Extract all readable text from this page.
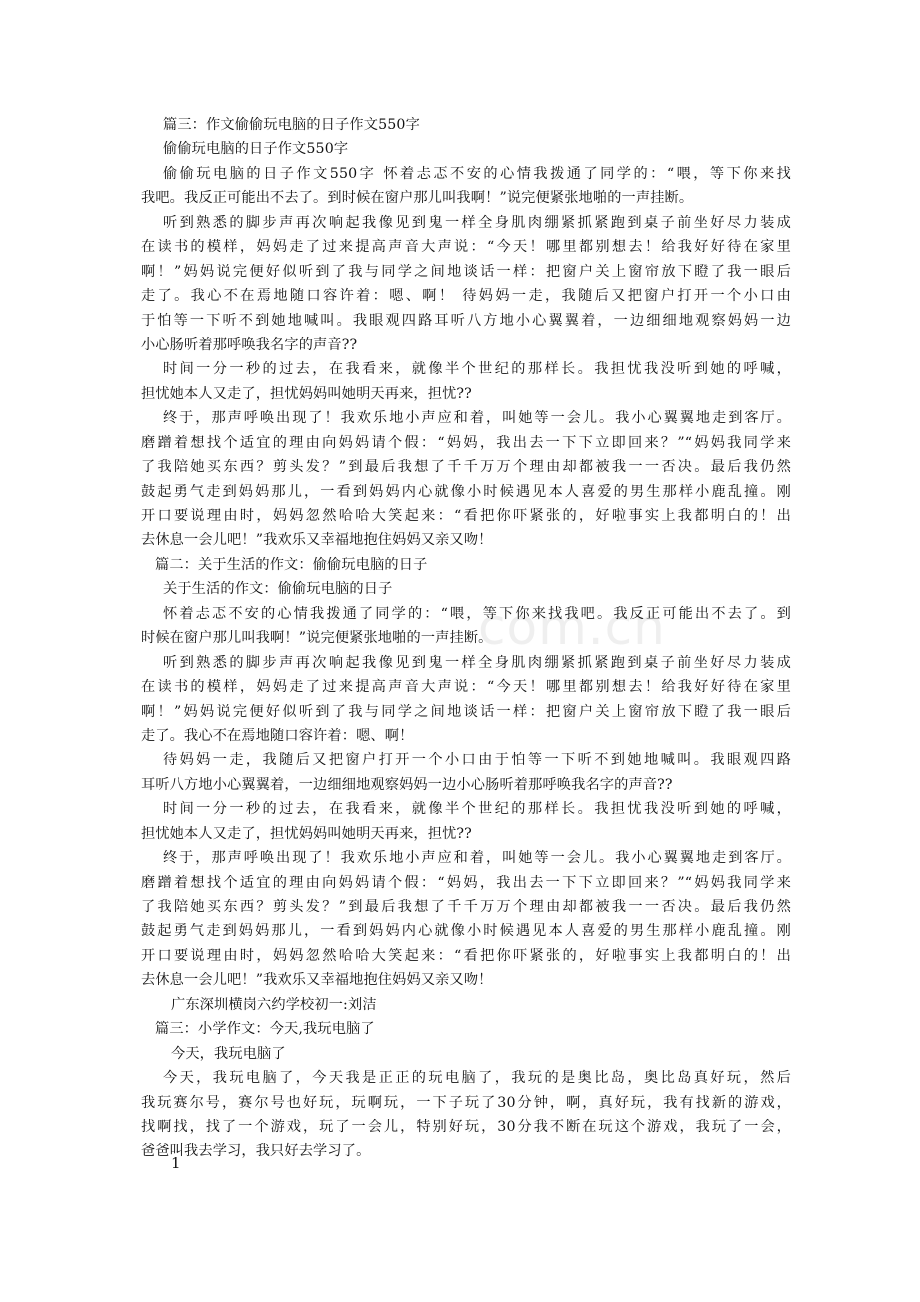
com.cn
篇三：作文偷偷玩电脑的日子作文550字
偷偷玩电脑的日子作文550字
偷偷玩电脑的日子作文550字 怀着忐忑不安的心情我拨通了同学的：“喂，等下你来找
我吧。我反正可能出不去了。到时候在窗户那儿叫我啊！”说完便紧张地啪的一声挂断。
听到熟悉的脚步声再次响起我像见到鬼一样全身肌肉绷紧抓紧跑到桌子前坐好尽力装成
在读书的模样，妈妈走了过来提高声音大声说：“今天！哪里都别想去！给我好好待在家里
啊！”妈妈说完便好似听到了我与同学之间地谈话一样：把窗户关上窗帘放下瞪了我一眼后
走了。我心不在焉地随口容许着：嗯、啊！ 待妈妈一走，我随后又把窗户打开一个小口由
于怕等一下听不到她地喊叫。我眼观四路耳听八方地小心翼翼着，一边细细地观察妈妈一边
小心肠听着那呼唤我名字的声音??
时间一分一秒的过去，在我看来，就像半个世纪的那样长。我担忧我没听到她的呼喊，
担忧她本人又走了，担忧妈妈叫她明天再来，担忧??
终于，那声呼唤出现了！我欢乐地小声应和着，叫她等一会儿。我小心翼翼地走到客厅。
磨蹭着想找个适宜的理由向妈妈请个假：“妈妈，我出去一下下立即回来？”“妈妈我同学来
了我陪她买东西？剪头发？”到最后我想了千千万万个理由却都被我一一否决。最后我仍然
鼓起勇气走到妈妈那儿，一看到妈妈内心就像小时候遇见本人喜爱的男生那样小鹿乱撞。刚
开口要说理由时，妈妈忽然哈哈大笑起来：“看把你吓紧张的，好啦事实上我都明白的！出
去休息一会儿吧！”我欢乐又幸福地抱住妈妈又亲又吻！
篇二：关于生活的作文：偷偷玩电脑的日子
关于生活的作文：偷偷玩电脑的日子
怀着忐忑不安的心情我拨通了同学的：“喂，等下你来找我吧。我反正可能出不去了。到
时候在窗户那儿叫我啊！”说完便紧张地啪的一声挂断。
听到熟悉的脚步声再次响起我像见到鬼一样全身肌肉绷紧抓紧跑到桌子前坐好尽力装成
在读书的模样，妈妈走了过来提高声音大声说：“今天！哪里都别想去！给我好好待在家里
啊！”妈妈说完便好似听到了我与同学之间地谈话一样：把窗户关上窗帘放下瞪了我一眼后
走了。我心不在焉地随口容许着：嗯、啊！
待妈妈一走，我随后又把窗户打开一个小口由于怕等一下听不到她地喊叫。我眼观四路
耳听八方地小心翼翼着，一边细细地观察妈妈一边小心肠听着那呼唤我名字的声音??
时间一分一秒的过去，在我看来，就像半个世纪的那样长。我担忧我没听到她的呼喊，
担忧她本人又走了，担忧妈妈叫她明天再来，担忧??
终于，那声呼唤出现了！我欢乐地小声应和着，叫她等一会儿。我小心翼翼地走到客厅。
磨蹭着想找个适宜的理由向妈妈请个假：“妈妈，我出去一下下立即回来？”“妈妈我同学来
了我陪她买东西？剪头发？”到最后我想了千千万万个理由却都被我一一否决。最后我仍然
鼓起勇气走到妈妈那儿，一看到妈妈内心就像小时候遇见本人喜爱的男生那样小鹿乱撞。刚
开口要说理由时，妈妈忽然哈哈大笑起来：“看把你吓紧张的，好啦事实上我都明白的！出
去休息一会儿吧！”我欢乐又幸福地抱住妈妈又亲又吻！
广东深圳横岗六约学校初一:刘洁
篇三：小学作文：今天,我玩电脑了
今天，我玩电脑了
今天，我玩电脑了，今天我是正正的玩电脑了，我玩的是奥比岛，奥比岛真好玩，然后
我玩赛尔号，赛尔号也好玩，玩啊玩，一下子玩了30分钟，啊，真好玩，我有找新的游戏，
找啊找，找了一个游戏，玩了一会儿，特别好玩，30分我不断在玩这个游戏，我玩了一会，
爸爸叫我去学习，我只好去学习了。
1
